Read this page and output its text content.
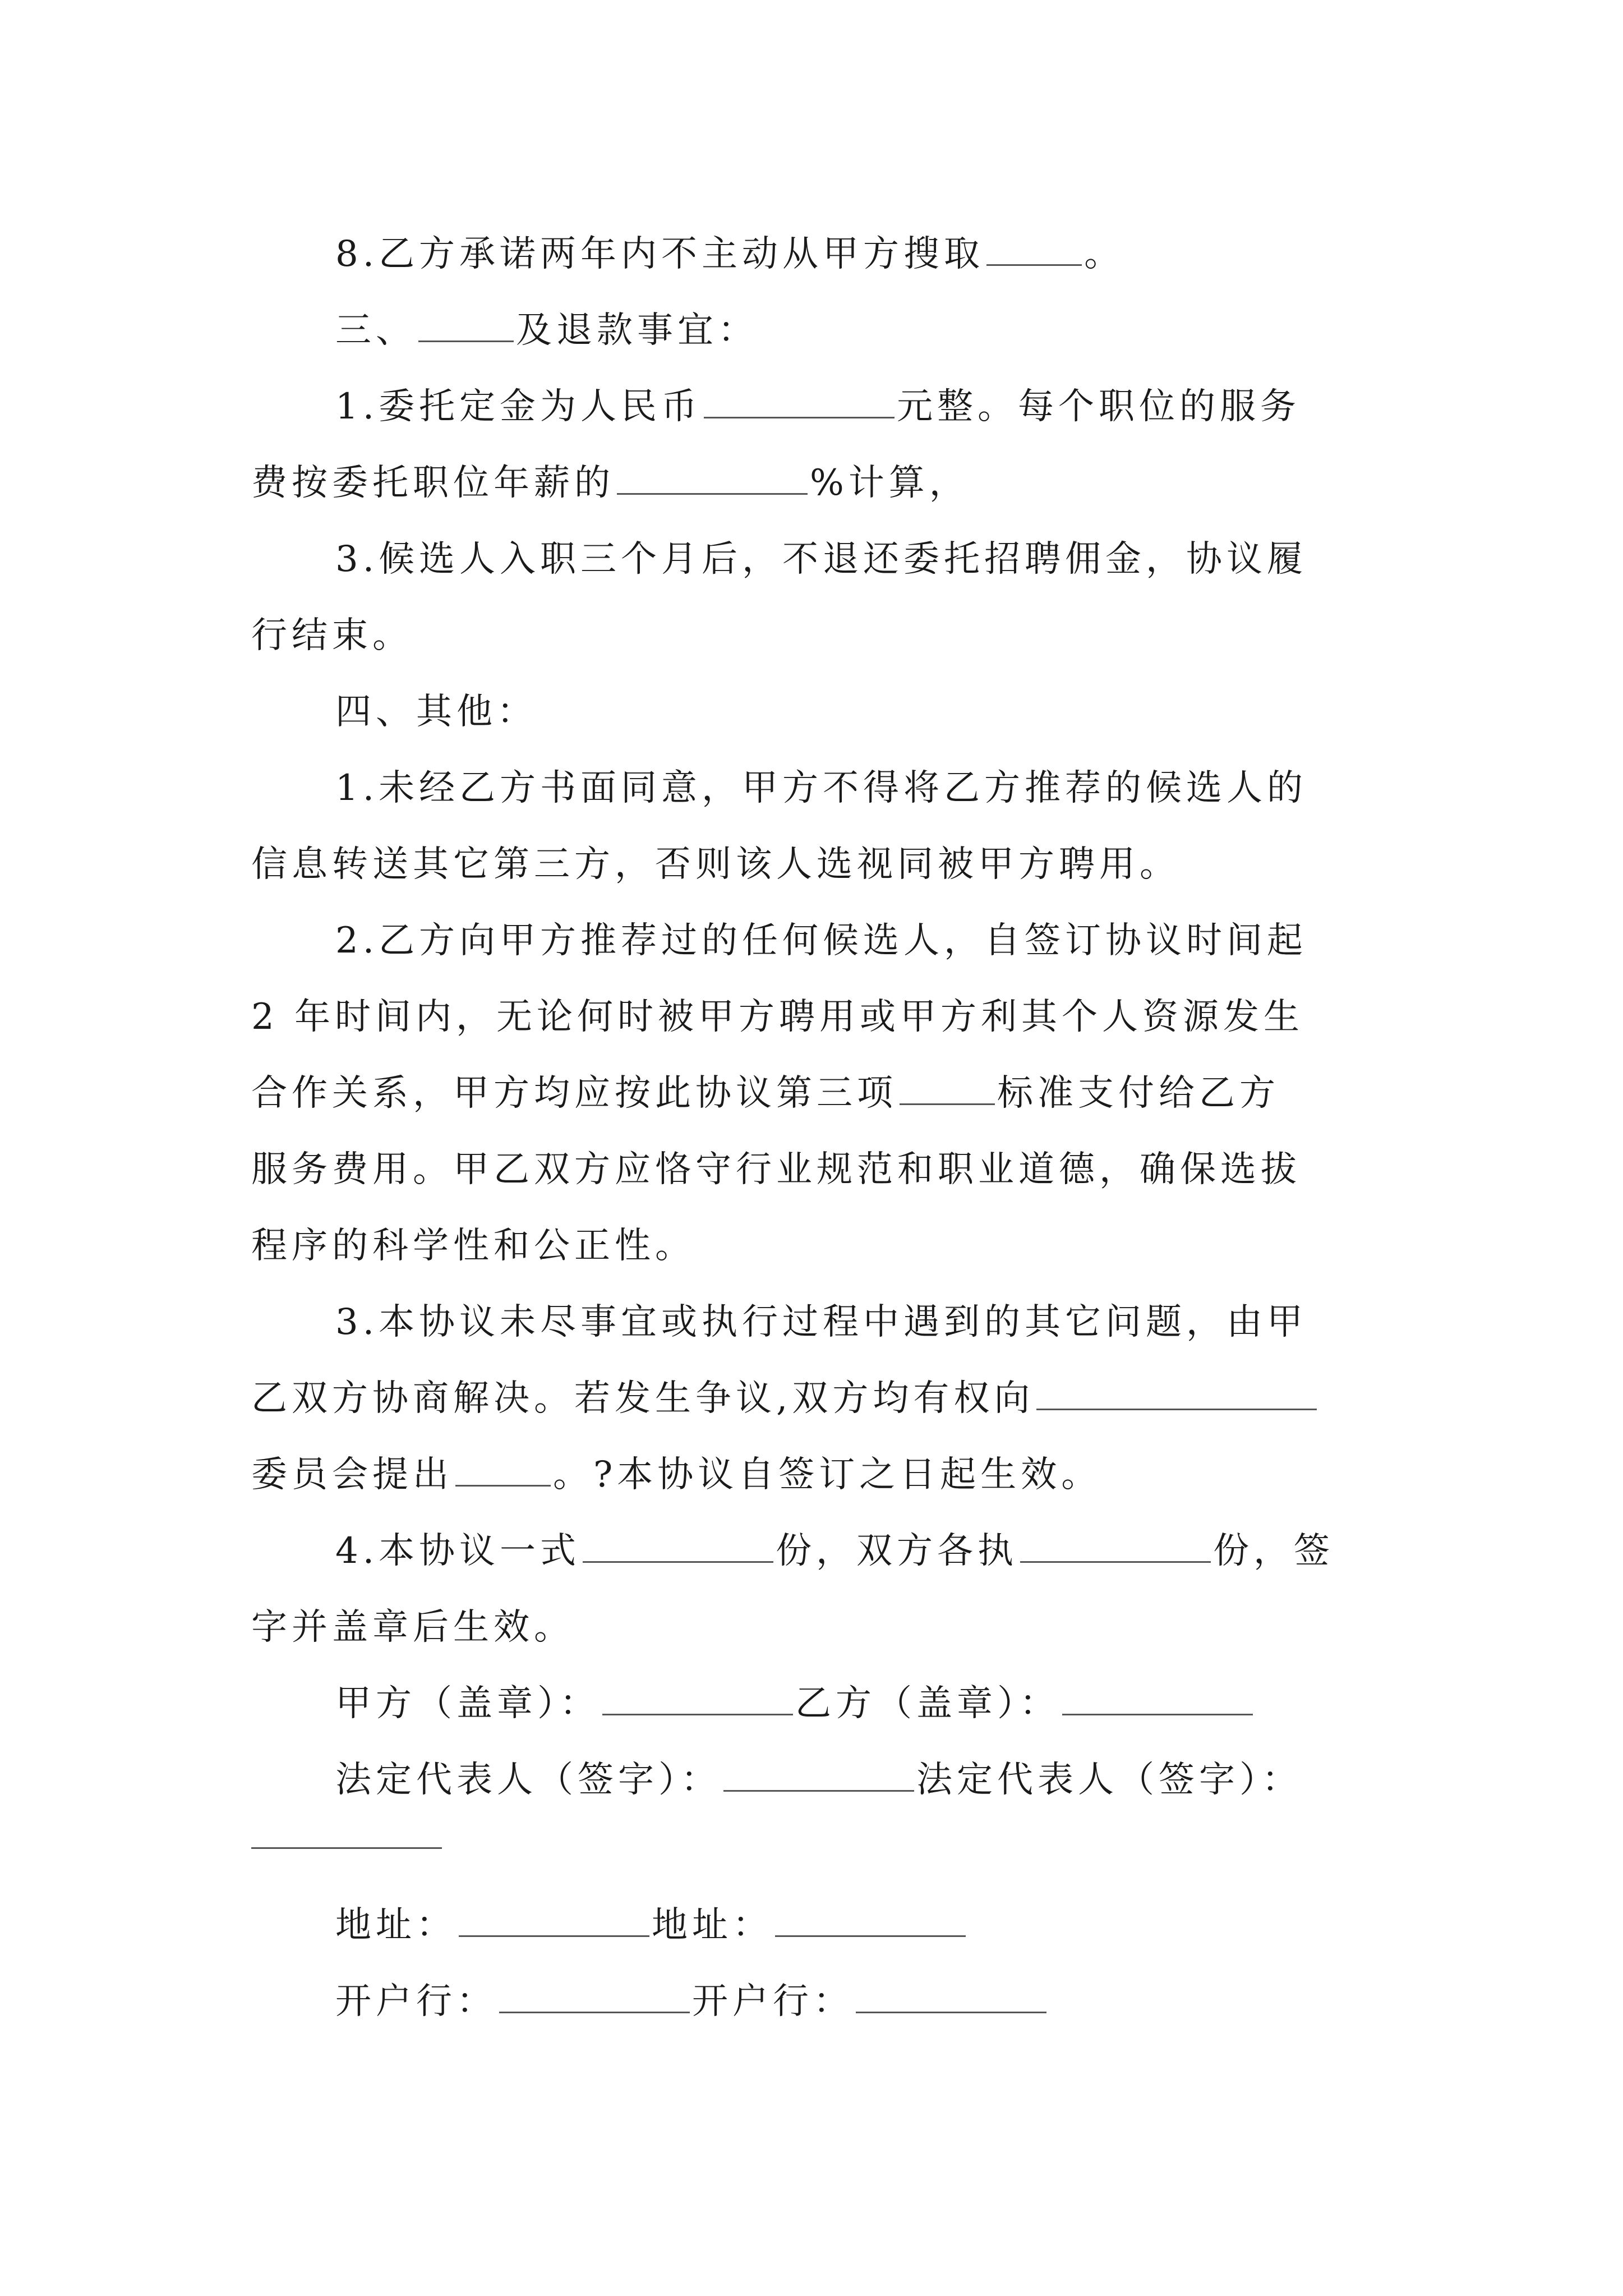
8.乙方承诺两年内不主动从甲方搜取	。

三、	及退款事宜：

1.委托定金为人民币	元整。每个职位的服务

费按委托职位年薪的	%计算，

3.候选人入职三个月后，不退还委托招聘佣金，协议履

行结束。

四、其他：

1.未经乙方书面同意，甲方不得将乙方推荐的候选人的

信息转送其它第三方，否则该人选视同被甲方聘用。

2.乙方向甲方推荐过的任何候选人，自签订协议时间起

2 年时间内，无论何时被甲方聘用或甲方利其个人资源发生

合作关系，甲方均应按此协议第三项	标准支付给乙方

服务费用。甲乙双方应恪守行业规范和职业道德，确保选拔

程序的科学性和公正性。

3.本协议未尽事宜或执行过程中遇到的其它问题，由甲

乙双方协商解决。若发生争议,双方均有权向

委员会提出	。?本协议自签订之日起生效。

4.本协议一式	份，双方各执	份，签

字并盖章后生效。

甲方（盖章）：	乙方（盖章）：

法定代表人（签字）：	法定代表人（签字）：

地址：	地址：

开户行：	开户行：
